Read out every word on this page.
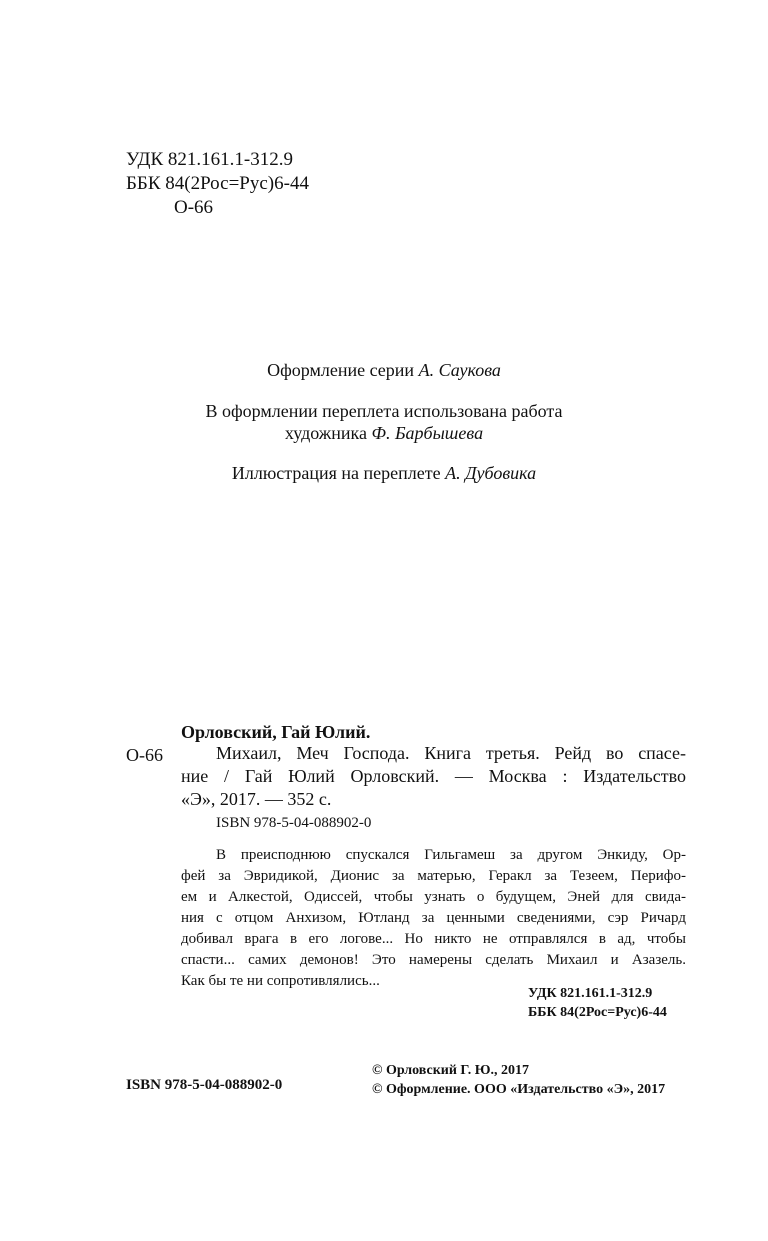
УДК 821.161.1-312.9
ББК 84(2Рос=Рус)6-44
О-66
Оформление серии А. Саукова
В оформлении переплета использована работа
художника Ф. Барбышева
Иллюстрация на переплете А. Дубовика
Орловский, Гай Юлий.
О-66	Михаил, Меч Господа. Книга третья. Рейд во спасе-
ние / Гай Юлий Орловский. — Москва : Издательство
«Э», 2017. — 352 с.
ISBN 978-5-04-088902-0
В преисподнюю спускался Гильгамеш за другом Энкиду, Ор-
фей за Эвридикой, Дионис за матерью, Геракл за Тезеем, Перифо-
ем и Алкестой, Одиссей, чтобы узнать о будущем, Эней для свида-
ния с отцом Анхизом, Ютланд за ценными сведениями, сэр Ричард
добивал врага в его логове... Но никто не отправлялся в ад, чтобы
спасти... самих демонов! Это намерены сделать Михаил и Азазель.
Как бы те ни сопротивлялись...
УДК 821.161.1-312.9
ББК 84(2Рос=Рус)6-44
ISBN 978-5-04-088902-0
© Орловский Г. Ю., 2017
© Оформление. ООО «Издательство «Э», 2017
